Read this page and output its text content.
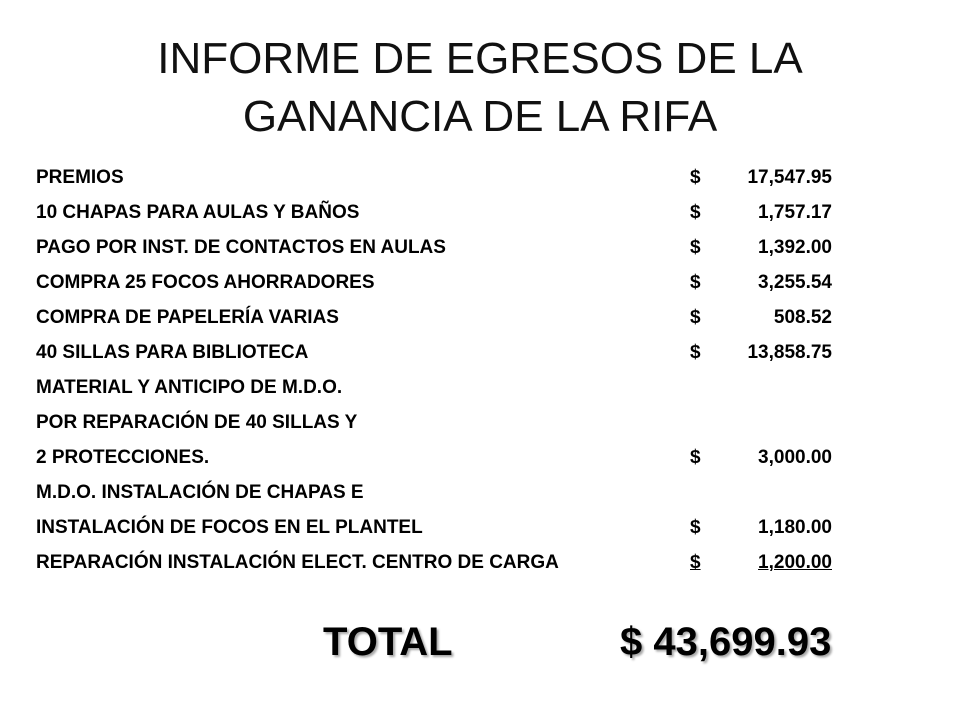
INFORME DE EGRESOS DE LA
GANANCIA DE LA RIFA
PREMIOS	$ 17,547.95
10 CHAPAS PARA AULAS Y BAÑOS	$	1,757.17
PAGO POR INST. DE CONTACTOS EN AULAS	$	1,392.00
COMPRA 25 FOCOS AHORRADORES	$	3,255.54
COMPRA DE PAPELERÍA VARIAS	$	508.52
40 SILLAS PARA BIBLIOTECA	$ 13,858.75
MATERIAL Y ANTICIPO DE M.D.O.
POR REPARACIÓN DE 40 SILLAS Y
2 PROTECCIONES.	$	3,000.00
M.D.O. INSTALACIÓN DE CHAPAS E
INSTALACIÓN DE FOCOS EN EL PLANTEL	$	1,180.00
REPARACIÓN INSTALACIÓN ELECT. CENTRO DE CARGA	$	1,200.00
TOTAL	$ 43,699.93
